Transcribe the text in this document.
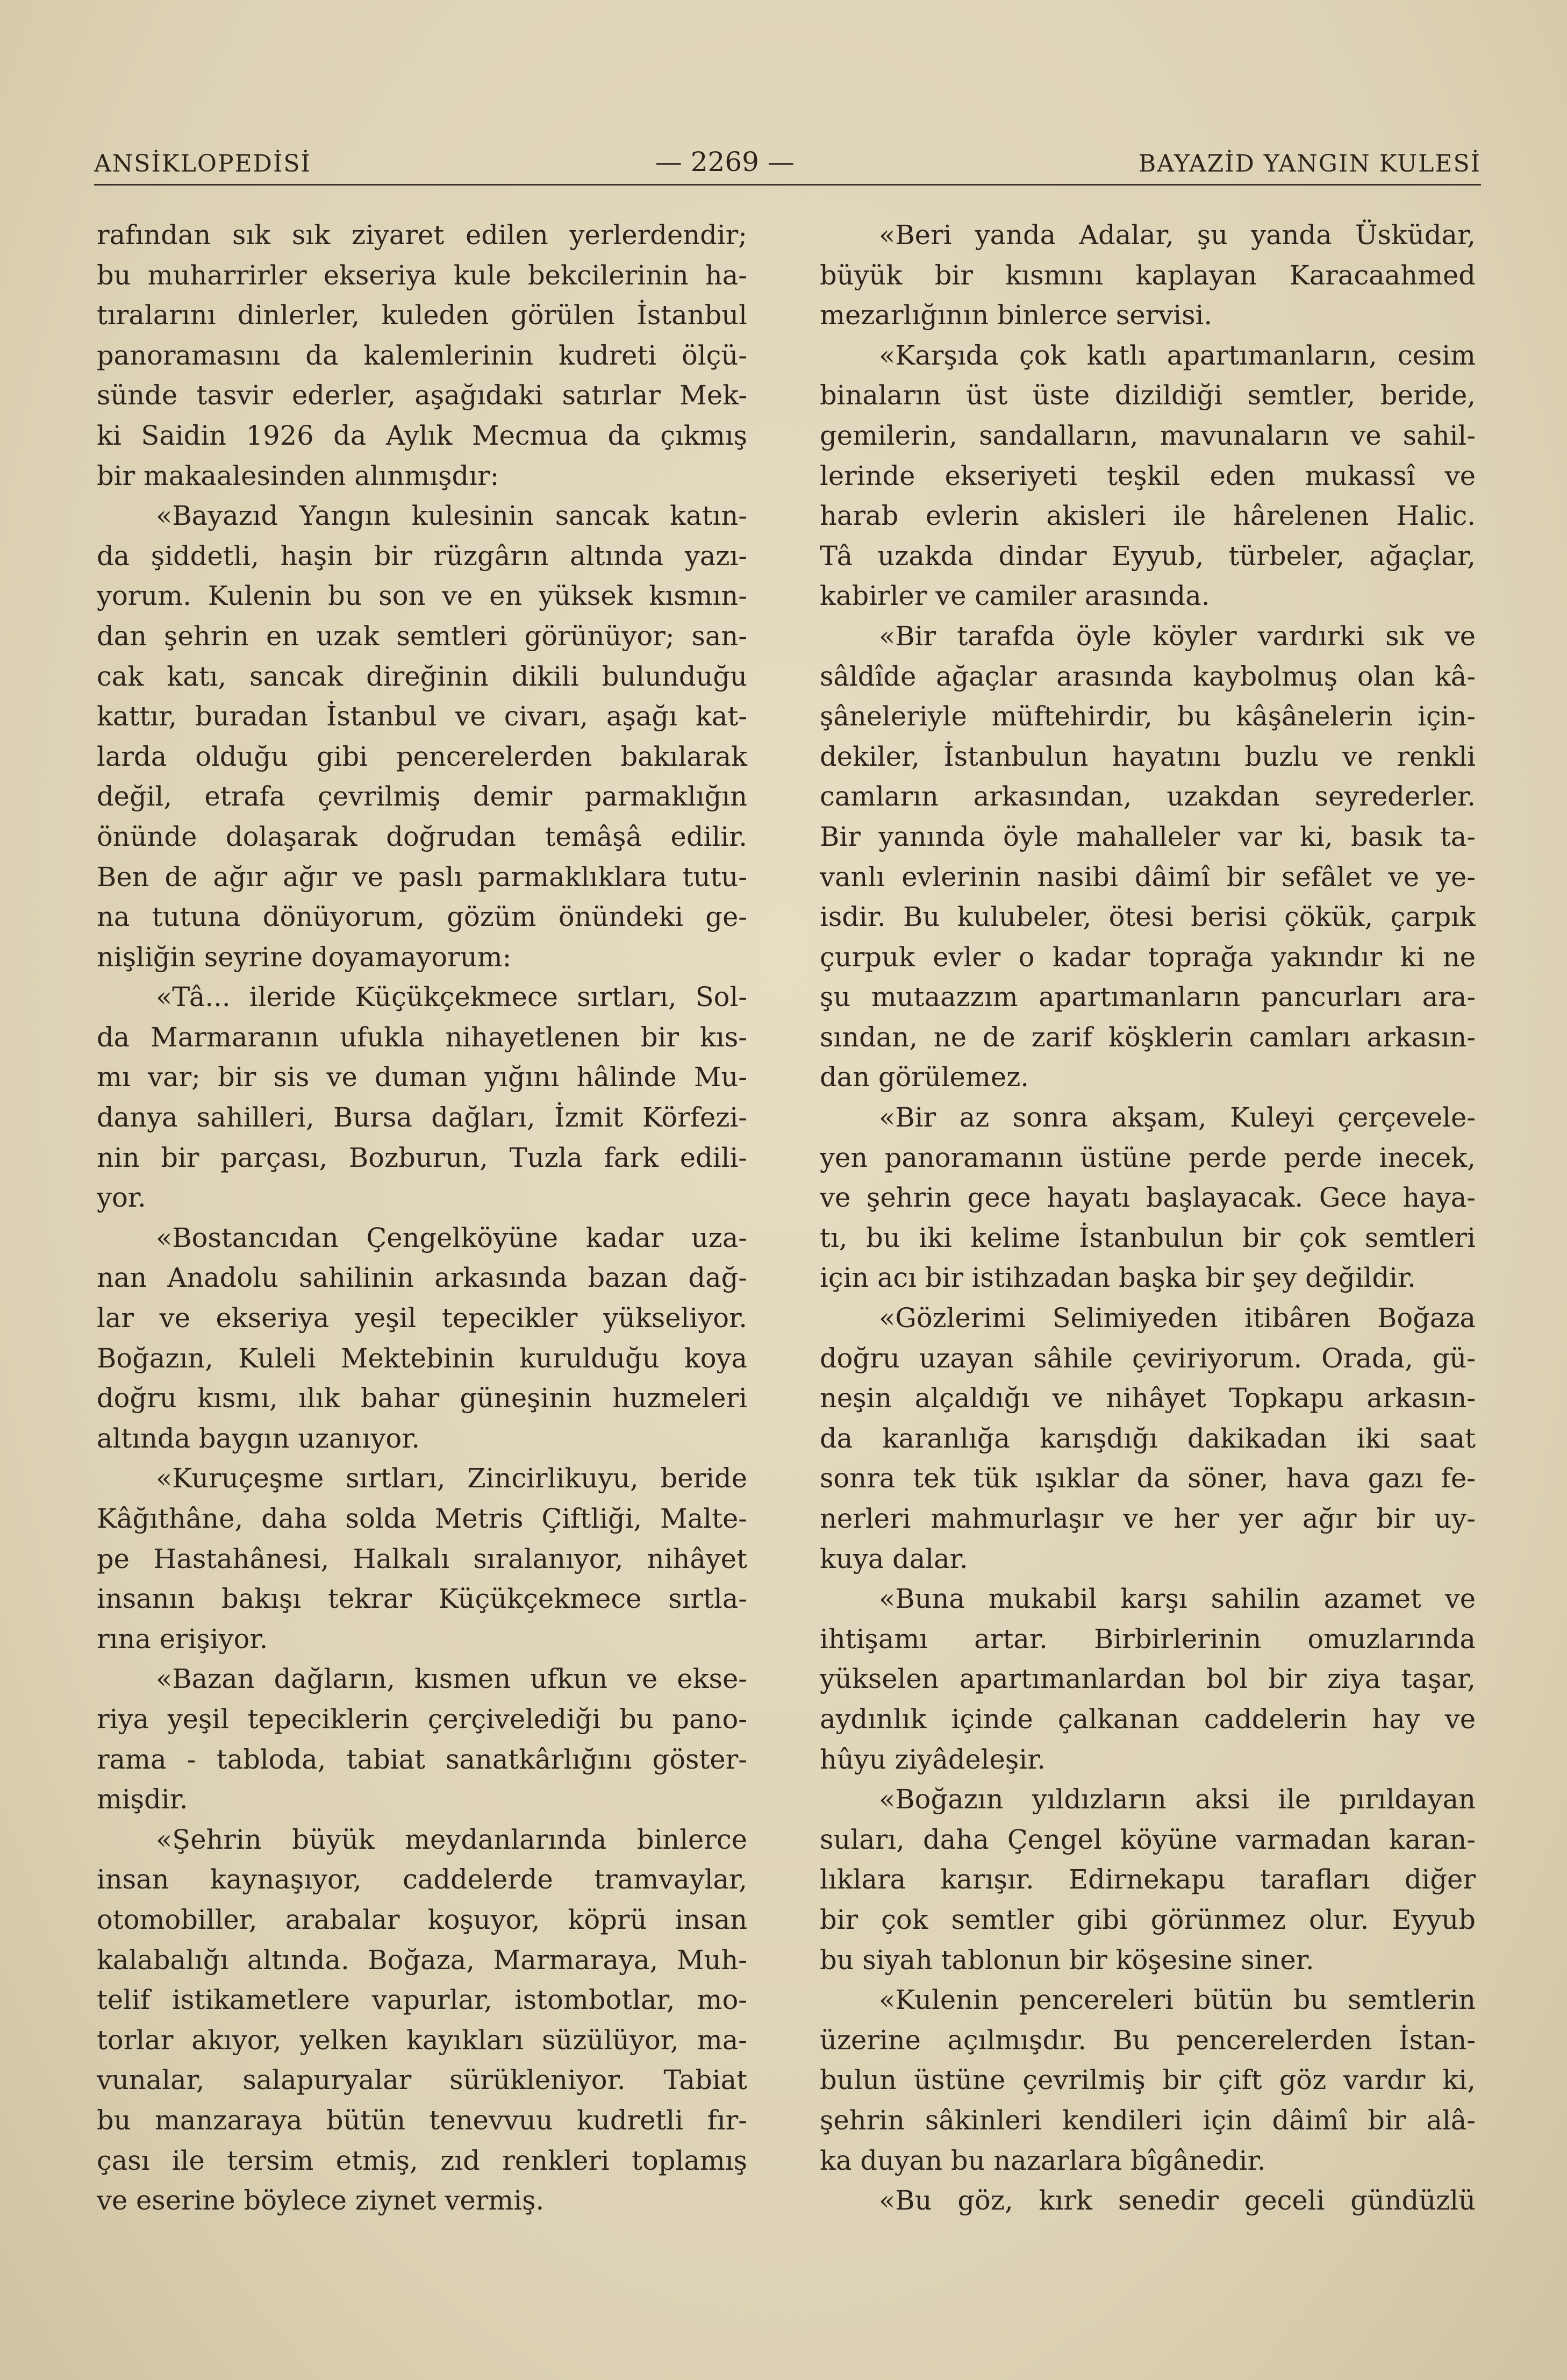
ANSİKLOPEDİSİ	— 2269 —	BAYAZİD YANGIN KULESİ
rafından sık sık ziyaret edilen yerlerdendir;
bu muharrirler ekseriya kule bekcilerinin ha-
tıralarını dinlerler, kuleden görülen İstanbul
panoramasını da kalemlerinin kudreti ölçü-
sünde tasvir ederler, aşağıdaki satırlar Mek-
ki Saidin 1926 da Aylık Mecmua da çıkmış
bir makaalesinden alınmışdır:
«Bayazıd Yangın kulesinin sancak katın-
da şiddetli, haşin bir rüzgârın altında yazı-
yorum. Kulenin bu son ve en yüksek kısmın-
dan şehrin en uzak semtleri görünüyor; san-
cak katı, sancak direğinin dikili bulunduğu
kattır, buradan İstanbul ve civarı, aşağı kat-
larda olduğu gibi pencerelerden bakılarak
değil, etrafa çevrilmiş demir parmaklığın
önünde dolaşarak doğrudan temâşâ edilir.
Ben de ağır ağır ve paslı parmaklıklara tutu-
na tutuna dönüyorum, gözüm önündeki ge-
nişliğin seyrine doyamayorum:
«Tâ... ileride Küçükçekmece sırtları, Sol-
da Marmaranın ufukla nihayetlenen bir kıs-
mı var; bir sis ve duman yığını hâlinde Mu-
danya sahilleri, Bursa dağları, İzmit Körfezi-
nin bir parçası, Bozburun, Tuzla fark edili-
yor.
«Bostancıdan Çengelköyüne kadar uza-
nan Anadolu sahilinin arkasında bazan dağ-
lar ve ekseriya yeşil tepecikler yükseliyor.
Boğazın, Kuleli Mektebinin kurulduğu koya
doğru kısmı, ılık bahar güneşinin huzmeleri
altında baygın uzanıyor.
«Kuruçeşme sırtları, Zincirlikuyu, beride
Kâğıthâne, daha solda Metris Çiftliği, Malte-
pe Hastahânesi, Halkalı sıralanıyor, nihâyet
insanın bakışı tekrar Küçükçekmece sırtla-
rına erişiyor.
«Bazan dağların, kısmen ufkun ve ekse-
riya yeşil tepeciklerin çerçivelediği bu pano-
rama - tabloda, tabiat sanatkârlığını göster-
mişdir.
«Şehrin büyük meydanlarında binlerce
insan kaynaşıyor, caddelerde tramvaylar,
otomobiller, arabalar koşuyor, köprü insan
kalabalığı altında. Boğaza, Marmaraya, Muh-
telif istikametlere vapurlar, istombotlar, mo-
torlar akıyor, yelken kayıkları süzülüyor, ma-
vunalar, salapuryalar sürükleniyor. Tabiat
bu manzaraya bütün tenevvuu kudretli fır-
çası ile tersim etmiş, zıd renkleri toplamış
ve eserine böylece ziynet vermiş.
«Beri yanda Adalar, şu yanda Üsküdar,
büyük bir kısmını kaplayan Karacaahmed
mezarlığının binlerce servisi.
«Karşıda çok katlı apartımanların, cesim
binaların üst üste dizildiği semtler, beride,
gemilerin, sandalların, mavunaların ve sahil-
lerinde ekseriyeti teşkil eden mukassî ve
harab evlerin akisleri ile hârelenen Halic.
Tâ uzakda dindar Eyyub, türbeler, ağaçlar,
kabirler ve camiler arasında.
«Bir tarafda öyle köyler vardırki sık ve
sâldîde ağaçlar arasında kaybolmuş olan kâ-
şâneleriyle müftehirdir, bu kâşânelerin için-
dekiler, İstanbulun hayatını buzlu ve renkli
camların arkasından, uzakdan seyrederler.
Bir yanında öyle mahalleler var ki, basık ta-
vanlı evlerinin nasibi dâimî bir sefâlet ve ye-
isdir. Bu kulubeler, ötesi berisi çökük, çarpık
çurpuk evler o kadar toprağa yakındır ki ne
şu mutaazzım apartımanların pancurları ara-
sından, ne de zarif köşklerin camları arkasın-
dan görülemez.
«Bir az sonra akşam, Kuleyi çerçevele-
yen panoramanın üstüne perde perde inecek,
ve şehrin gece hayatı başlayacak. Gece haya-
tı, bu iki kelime İstanbulun bir çok semtleri
için acı bir istihzadan başka bir şey değildir.
«Gözlerimi Selimiyeden itibâren Boğaza
doğru uzayan sâhile çeviriyorum. Orada, gü-
neşin alçaldığı ve nihâyet Topkapu arkasın-
da karanlığa karışdığı dakikadan iki saat
sonra tek tük ışıklar da söner, hava gazı fe-
nerleri mahmurlaşır ve her yer ağır bir uy-
kuya dalar.
«Buna mukabil karşı sahilin azamet ve
ihtişamı artar. Birbirlerinin omuzlarında
yükselen apartımanlardan bol bir ziya taşar,
aydınlık içinde çalkanan caddelerin hay ve
hûyu ziyâdeleşir.
«Boğazın yıldızların aksi ile pırıldayan
suları, daha Çengel köyüne varmadan karan-
lıklara karışır. Edirnekapu tarafları diğer
bir çok semtler gibi görünmez olur. Eyyub
bu siyah tablonun bir köşesine siner.
«Kulenin pencereleri bütün bu semtlerin
üzerine açılmışdır. Bu pencerelerden İstan-
bulun üstüne çevrilmiş bir çift göz vardır ki,
şehrin sâkinleri kendileri için dâimî bir alâ-
ka duyan bu nazarlara bîgânedir.
«Bu göz, kırk senedir geceli gündüzlü
